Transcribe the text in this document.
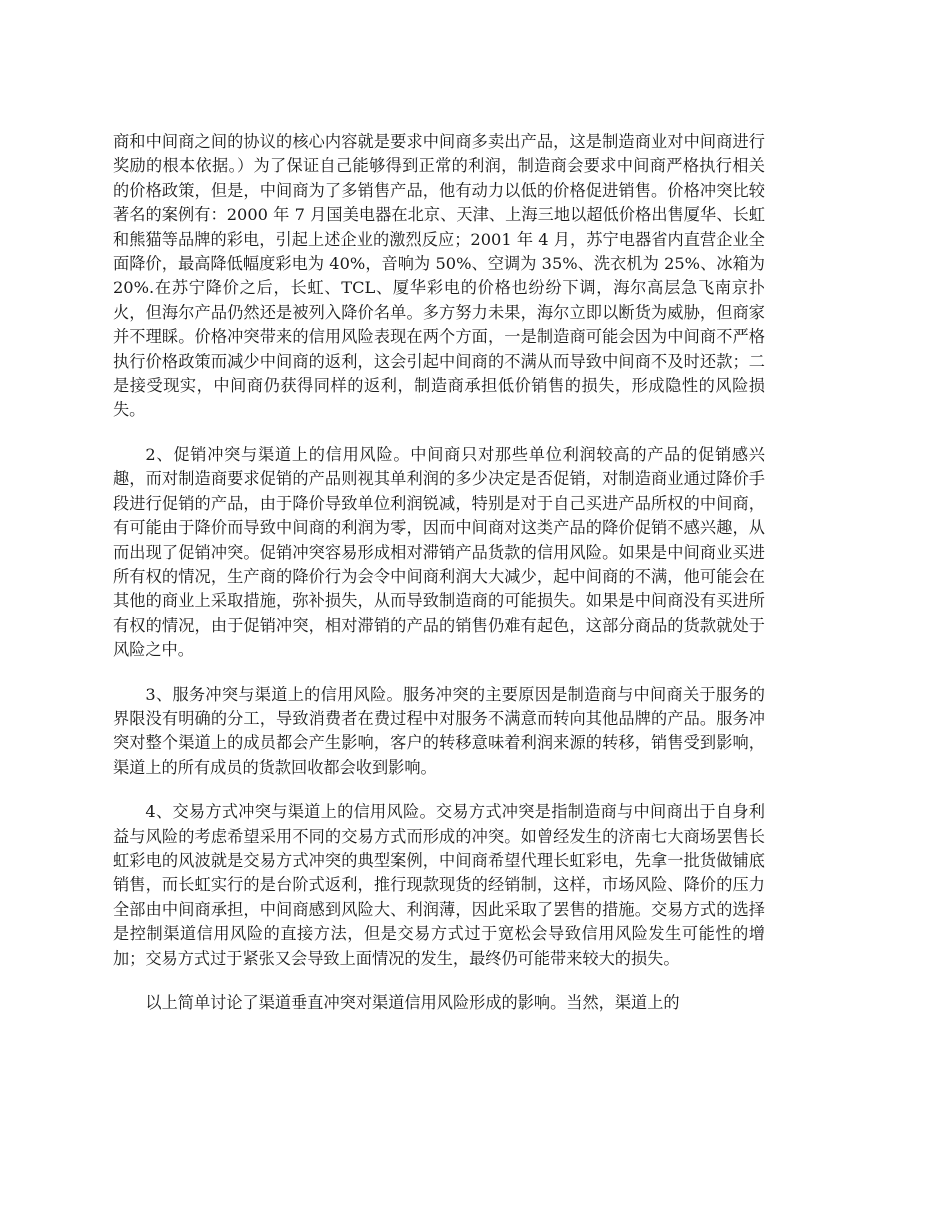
商和中间商之间的协议的核心内容就是要求中间商多卖出产品，这是制造商业对中间商进行奖励的根本依据。）为了保证自己能够得到正常的利润，制造商会要求中间商严格执行相关的价格政策，但是，中间商为了多销售产品，他有动力以低的价格促进销售。价格冲突比较著名的案例有：2000 年 7 月国美电器在北京、天津、上海三地以超低价格出售厦华、长虹和熊猫等品牌的彩电，引起上述企业的激烈反应；2001 年 4 月，苏宁电器省内直营企业全面降价，最高降低幅度彩电为 40%，音响为 50%、空调为 35%、洗衣机为 25%、冰箱为 20%.在苏宁降价之后，长虹、TCL、厦华彩电的价格也纷纷下调，海尔高层急飞南京扑火，但海尔产品仍然还是被列入降价名单。多方努力未果，海尔立即以断货为威胁，但商家并不理睬。价格冲突带来的信用风险表现在两个方面，一是制造商可能会因为中间商不严格执行价格政策而减少中间商的返利，这会引起中间商的不满从而导致中间商不及时还款；二是接受现实，中间商仍获得同样的返利，制造商承担低价销售的损失，形成隐性的风险损失。

2、促销冲突与渠道上的信用风险。中间商只对那些单位利润较高的产品的促销感兴趣，而对制造商要求促销的产品则视其单利润的多少决定是否促销，对制造商业通过降价手段进行促销的产品，由于降价导致单位利润锐减，特别是对于自己买进产品所权的中间商，有可能由于降价而导致中间商的利润为零，因而中间商对这类产品的降价促销不感兴趣，从而出现了促销冲突。促销冲突容易形成相对滞销产品货款的信用风险。如果是中间商业买进所有权的情况，生产商的降价行为会令中间商利润大大减少，起中间商的不满，他可能会在其他的商业上采取措施，弥补损失，从而导致制造商的可能损失。如果是中间商没有买进所有权的情况，由于促销冲突，相对滞销的产品的销售仍难有起色，这部分商品的货款就处于风险之中。

3、服务冲突与渠道上的信用风险。服务冲突的主要原因是制造商与中间商关于服务的界限没有明确的分工，导致消费者在费过程中对服务不满意而转向其他品牌的产品。服务冲突对整个渠道上的成员都会产生影响，客户的转移意味着利润来源的转移，销售受到影响，渠道上的所有成员的货款回收都会收到影响。

4、交易方式冲突与渠道上的信用风险。交易方式冲突是指制造商与中间商出于自身利益与风险的考虑希望采用不同的交易方式而形成的冲突。如曾经发生的济南七大商场罢售长虹彩电的风波就是交易方式冲突的典型案例，中间商希望代理长虹彩电，先拿一批货做铺底销售，而长虹实行的是台阶式返利，推行现款现货的经销制，这样，市场风险、降价的压力全部由中间商承担，中间商感到风险大、利润薄，因此采取了罢售的措施。交易方式的选择是控制渠道信用风险的直接方法，但是交易方式过于宽松会导致信用风险发生可能性的增加；交易方式过于紧张又会导致上面情况的发生，最终仍可能带来较大的损失。

以上简单讨论了渠道垂直冲突对渠道信用风险形成的影响。当然，渠道上的
